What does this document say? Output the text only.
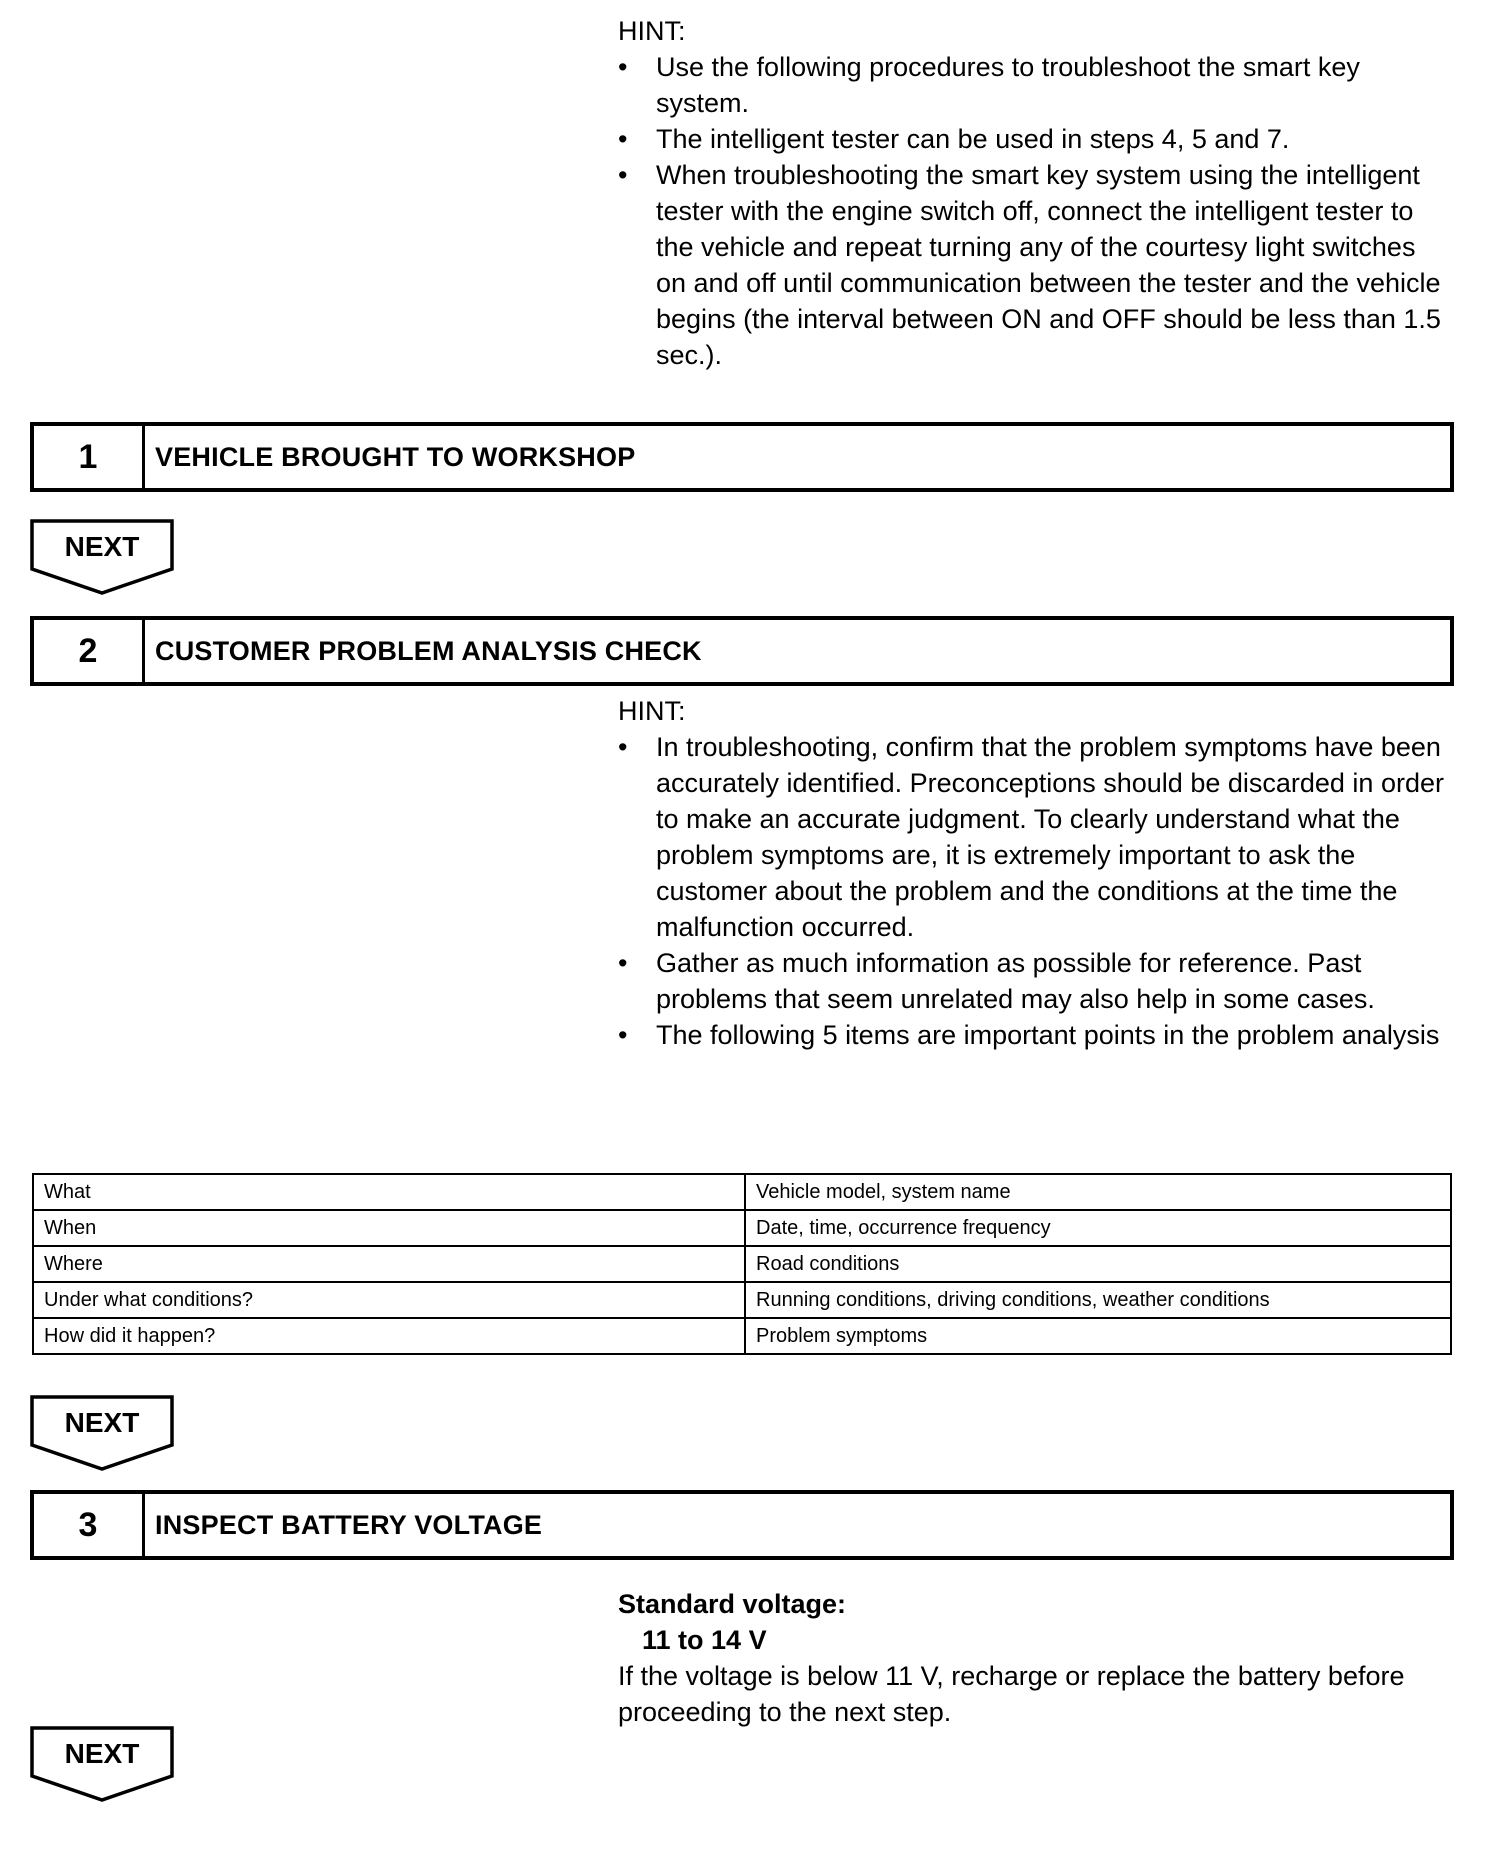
HINT:
•	Use the following procedures to troubleshoot the smart key system.
•	The intelligent tester can be used in steps 4, 5 and 7.
•	When troubleshooting the smart key system using the intelligent tester with the engine switch off, connect the intelligent tester to the vehicle and repeat turning any of the courtesy light switches on and off until communication between the tester and the vehicle begins (the interval between ON and OFF should be less than 1.5 sec.).
1	VEHICLE BROUGHT TO WORKSHOP
NEXT
2	CUSTOMER PROBLEM ANALYSIS CHECK
HINT:
•	In troubleshooting, confirm that the problem symptoms have been accurately identified. Preconceptions should be discarded in order to make an accurate judgment. To clearly understand what the problem symptoms are, it is extremely important to ask the customer about the problem and the conditions at the time the malfunction occurred.
•	Gather as much information as possible for reference. Past problems that seem unrelated may also help in some cases.
•	The following 5 items are important points in the problem analysis
What	Vehicle model, system name
When	Date, time, occurrence frequency
Where	Road conditions
Under what conditions?	Running conditions, driving conditions, weather conditions
How did it happen?	Problem symptoms
NEXT
3	INSPECT BATTERY VOLTAGE
Standard voltage:
11 to 14 V
If the voltage is below 11 V, recharge or replace the battery before proceeding to the next step.
NEXT
